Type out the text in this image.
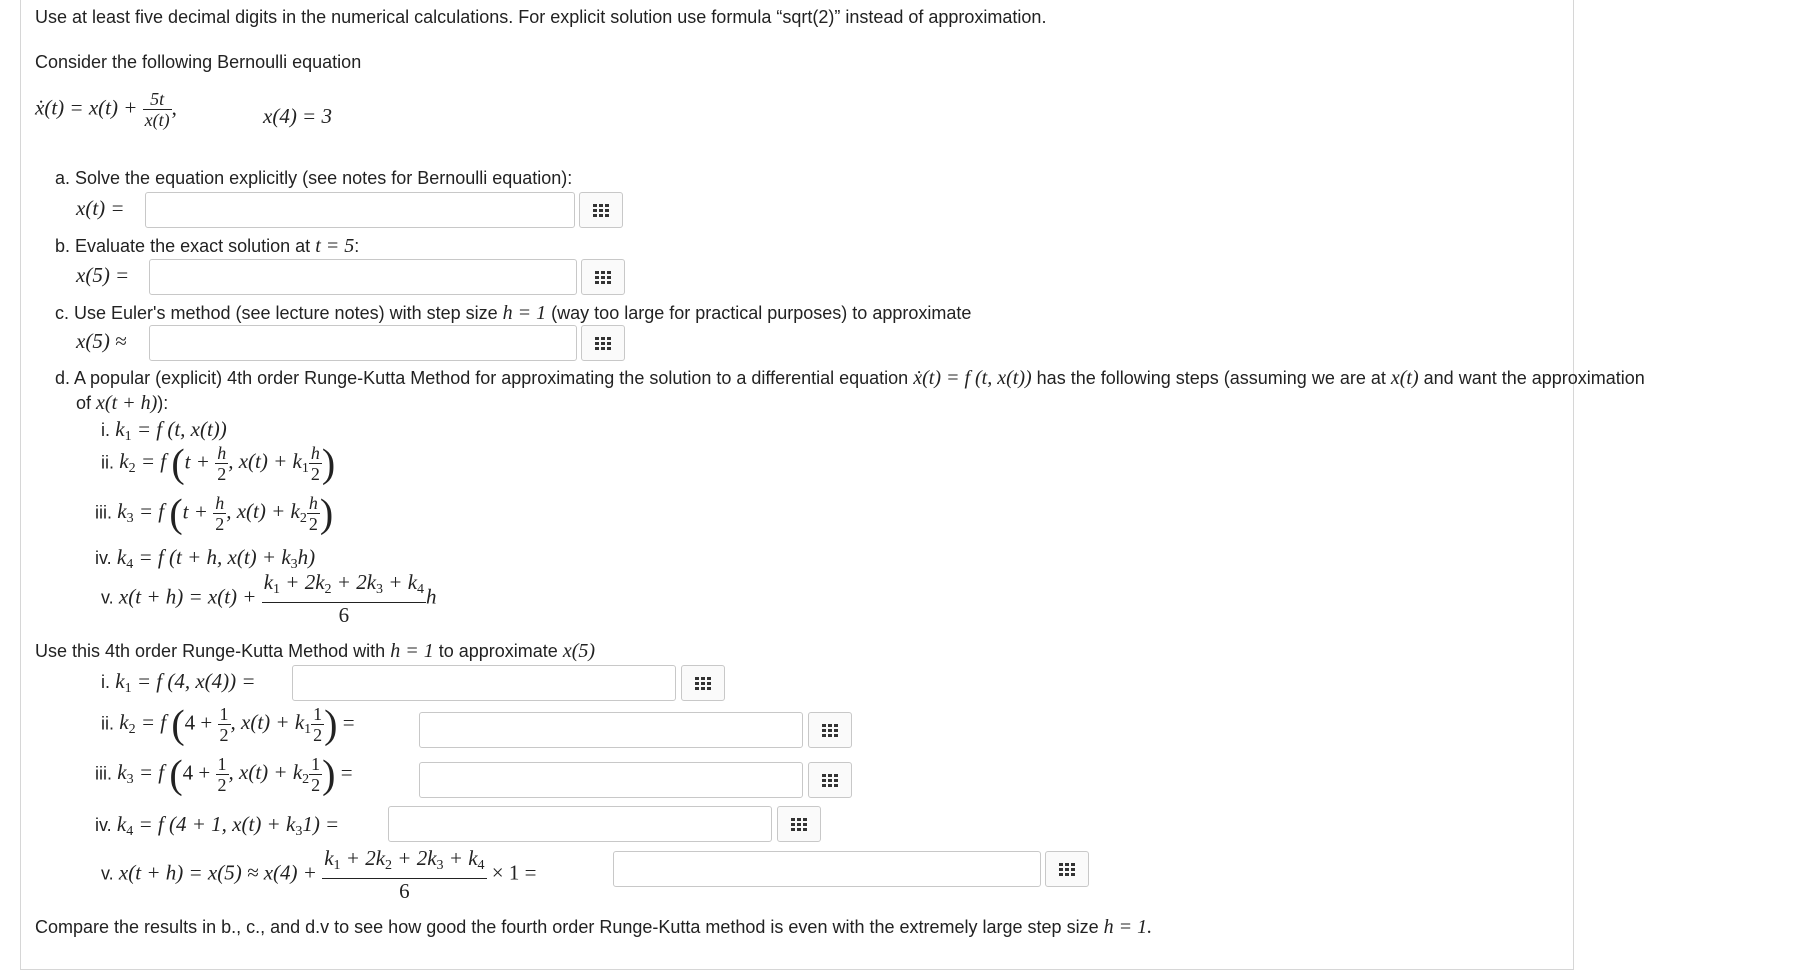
Use at least five decimal digits in the numerical calculations. For explicit solution use formula “sqrt(2)” instead of approximation.
Consider the following Bernoulli equation
ẋ(t) = $x(t) + \frac{5t}{x(t)}$ ,	x(4) = 3
a. Solve the equation explicitly (see notes for Bernoulli equation):
x(t) =
b. Evaluate the exact solution at t = 5:
x(5) =
c. Use Euler's method (see lecture notes) with step size h = 1 (way too large for practical purposes) to approximate
x(5) ≈
d. A popular (explicit) 4th order Runge-Kutta Method for approximating the solution to a differential equation ẋ(t) = f (t, x(t)) has the following steps (assuming we are at x(t) and want the approximation
of x(t + h)):
i. $k_1 = f$ (t, x(t))
ii. $k_2 = f$ ($t + \frac{h}{2}$ , $x(t) + k_1 \frac{h}{2}$ )
iii. $k_3 = f$ ($t + \frac{h}{2}$ , $x(t) + k_2 \frac{h}{2}$ )
iv. $k_4 = f$ (t + h, $x(t) + k_3h$)
v. $x(t + h) = x(t) + \frac{k_1 + 2k_2 + 2k_3 + k_4}{6}$ h
Use this 4th order Runge-Kutta Method with h = 1 to approximate x(5)
i. $k_1 = f$ (4, x(4)) =
ii. $k_2 = f$ ($4 + \frac{1}{2}$ , $x(t) + k_1 \frac{1}{2}$ ) =
iii. $k_3 = f$ ($4 + \frac{1}{2}$ , $x(t) + k_2 \frac{1}{2}$ ) =
iv. $k_4 = f$ (4 + 1, $x(t) + k_31$) =
v. $x(t + h) = x(5) \approx x(4) + \frac{k_1 + 2k_2 + 2k_3 + k_4}{6} \times 1$ =
Compare the results in b., c., and d.v to see how good the fourth order Runge-Kutta method is even with the extremely large step size h = 1.
